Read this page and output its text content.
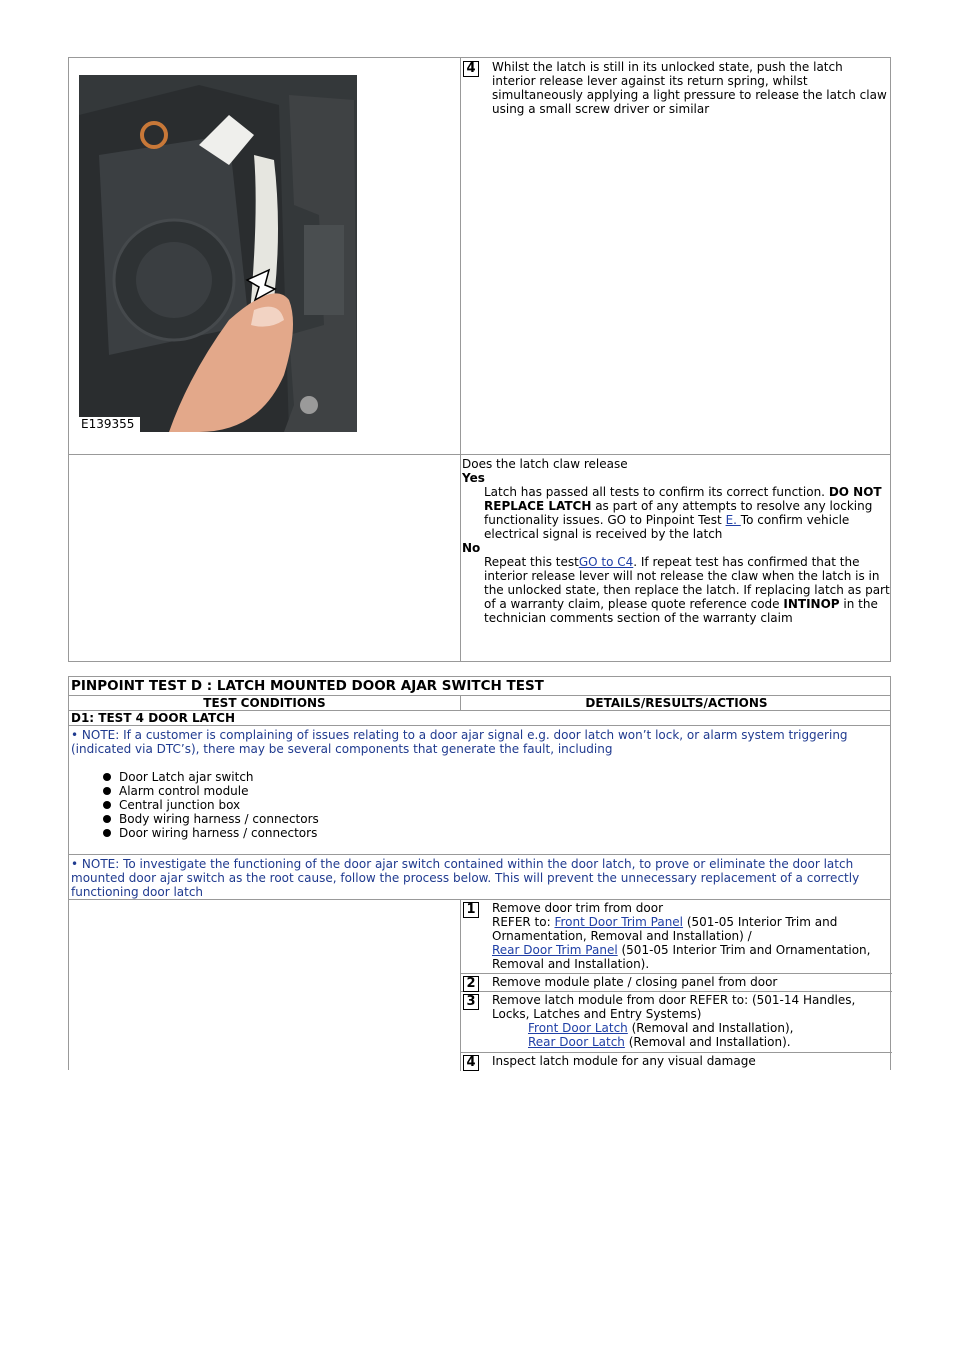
E139355
4 Whilst the latch is still in its unlocked state, push the latch interior release lever against its return spring, whilst simultaneously applying a light pressure to release the latch claw using a small screw driver or similar
Does the latch claw release
Yes
Latch has passed all tests to confirm its correct function. DO NOT REPLACE LATCH as part of any attempts to resolve any locking functionality issues. GO to Pinpoint Test E. To confirm vehicle electrical signal is received by the latch
No
Repeat this testGO to C4. If repeat test has confirmed that the interior release lever will not release the claw when the latch is in the unlocked state, then replace the latch. If replacing latch as part of a warranty claim, please quote reference code INTINOP in the technician comments section of the warranty claim
PINPOINT TEST D : LATCH MOUNTED DOOR AJAR SWITCH TEST
TEST CONDITIONS	DETAILS/RESULTS/ACTIONS
D1: TEST 4 DOOR LATCH
• NOTE: If a customer is complaining of issues relating to a door ajar signal e.g. door latch won’t lock, or alarm system triggering (indicated via DTC’s), there may be several components that generate the fault, including
Door Latch ajar switch
Alarm control module
Central junction box
Body wiring harness / connectors
Door wiring harness / connectors
• NOTE: To investigate the functioning of the door ajar switch contained within the door latch, to prove or eliminate the door latch mounted door ajar switch as the root cause, follow the process below. This will prevent the unnecessary replacement of a correctly functioning door latch
1 Remove door trim from door
REFER to: Front Door Trim Panel (501-05 Interior Trim and Ornamentation, Removal and Installation) /
Rear Door Trim Panel (501-05 Interior Trim and Ornamentation, Removal and Installation).
2 Remove module plate / closing panel from door
3 Remove latch module from door REFER to: (501-14 Handles, Locks, Latches and Entry Systems)
Front Door Latch (Removal and Installation),
Rear Door Latch (Removal and Installation).
4 Inspect latch module for any visual damage
